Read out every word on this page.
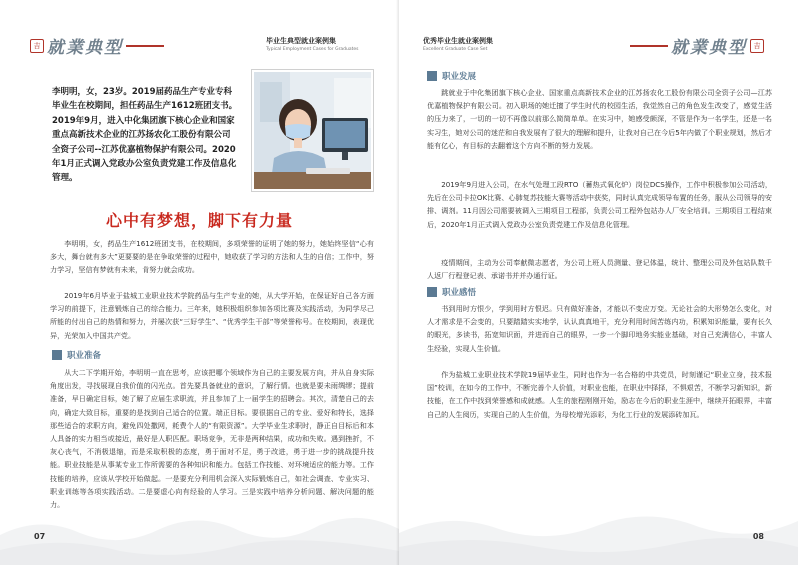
吉 就業典型	毕业生典型就业案例集
Typical Employment Cases for Graduates
李明明，女，23岁。2019届药品生产专业专科毕业生在校期间，担任药品生产1612班团支书。2019年9月，进入中化集团旗下核心企业和国家重点高新技术企业的江苏扬农化工股份有限公司全资子公司--江苏优嘉植物保护有限公司。2020年1月正式调入党政办公室负责党建工作及信息化管理。
心中有梦想，脚下有力量

李明明，女，药品生产1612班团支书，在校期间，多项荣誉的证明了她的努力，她始终坚信“心有多大，舞台就有多大”更要要的是在争取荣誉的过程中，她收获了学习的方法和人生的自信；工作中，努力学习，坚信有梦就有未来，肯努力就会成功。

2019年6月毕业于盐城工业职业技术学院药品与生产专业的她，从大学开始，在保证好自己各方面学习的前提下，注意锻炼自己的综合能力。三年来，她积极组织参加各项比赛及实践活动，为同学尽己所能的付出自己的热情和努力，并屡次获“三好学生”、“优秀学生干部”等荣誉称号。在校期间，表现优异，光荣加入中国共产党。

职业准备

从大二下学期开始，李明明一直在思考，应该把哪个领域作为自己的主要发展方向，并从自身实际角度出发，寻找展现自我价值的闪光点。首先要具备就业的意识，了解行情。也就是要未雨绸缪；提前准备，早日确定目标，她了解了应届生求职流，并且参加了上一届学生的招聘会。其次，清楚自己的去向，确定大致目标，重要的是找到自己适合的位置。端正目标。要很据自己的专业、爱好和特长，选择那些适合的求职方向，避免四处撒网，耗费个人的“有限资源”。大学毕业生求职时，静正自目标后和本人具备的实力相当或接近，最好是人职匹配。职场竞争，无非是两种结果，成功和失败。遇到挫折，不灰心丧气，不消极退缩，而是采取积极的态度，勇于面对不足，勇于改进，勇于进一步的挑战提升技能。职业技能是从事某专业工作所需要的各种知识和能力。包括工作技能、对环境适应的能力等。工作技能的培养，应该从学校开始做起。一是要充分利用机会深入实际锻炼自己，如社会调查、专业实习、职业训练等各项实践活动。二是要虚心向有经验的人学习。三是实践中培养分析问题、解决问题的能力。

07
优秀毕业生就业案例集
Excellent Graduate Case Set	就業典型 吉
职业发展

跳就业于中化集团旗下核心企业、国家重点高新技术企业的江苏扬农化工股份有限公司全资子公司—江苏优嘉植物保护有限公司。初入职场的她迁擅了学生时代的校园生活，我觉然自己的角色发生改变了，感觉生活的压力来了，一切的一切不再像以前那么简简单单。在实习中，她感受颇深，不管是作为一名学生，还是一名实习生，她对公司的迷茫和自我发展有了很大的理解和提升，让我对自己在今后5年内做了个职业规划，然后才能有亿心，有目标的去翻着这个方向不断的努力发展。

2019年9月进入公司，在水气处理工段RTO（蓄热式氧化炉）岗位DCS操作，工作中积极参加公司活动，先后在公司卡拉OK比赛、心肺复苏技能大赛等活动中获奖，同时认真完成领导布置的任务，服从公司领导的安排、调剂。11月因公司需要被调入三期项目工程部，负责公司工程外包站办人厂安全培训。三期项目工程结束后，2020年1月正式调入党政办公室负责党建工作及信息化管理。

疫情期间，主动为公司奉献微志愿者，为公司上班人员测量、登记体温，统计、整理公司及外包站队数千人返厂行程登记表、承诺书并并办通行证。

职业感悟

书到用时方恨少，学到用时方恨迟。只有做好准备，才能以不变应万变。无论社会的大形势怎么变化，对人才需求是不会变的，只要踏踏实实地学，认认真真地干，充分利用时间苦练内功，积累知识能量，要有长久的眼光，多读书，拓宽知识面，并进而自己的眼界，一步一个脚印地务实能业基础，对自己充满信心，丰富人生经验，实现人生价值。

作为盐城工业职业技术学院19届毕业生，同时也作为一名合格的中共党员，时刻谨记“职业立身，技术报国”校训，在如今的工作中，不断完善个人价值，对职业也能，在职业中择择，不惧艰苦，不断学习新知识，新技能，在工作中找到荣誉感和成就感。人生的旅程刚刚开始，励志在今后的职业生涯中，继续开拓眼界，丰富自己的人生阅历，实现自己的人生价值，为母校增光添彩，为化工行业的发展添砖加瓦。

08
